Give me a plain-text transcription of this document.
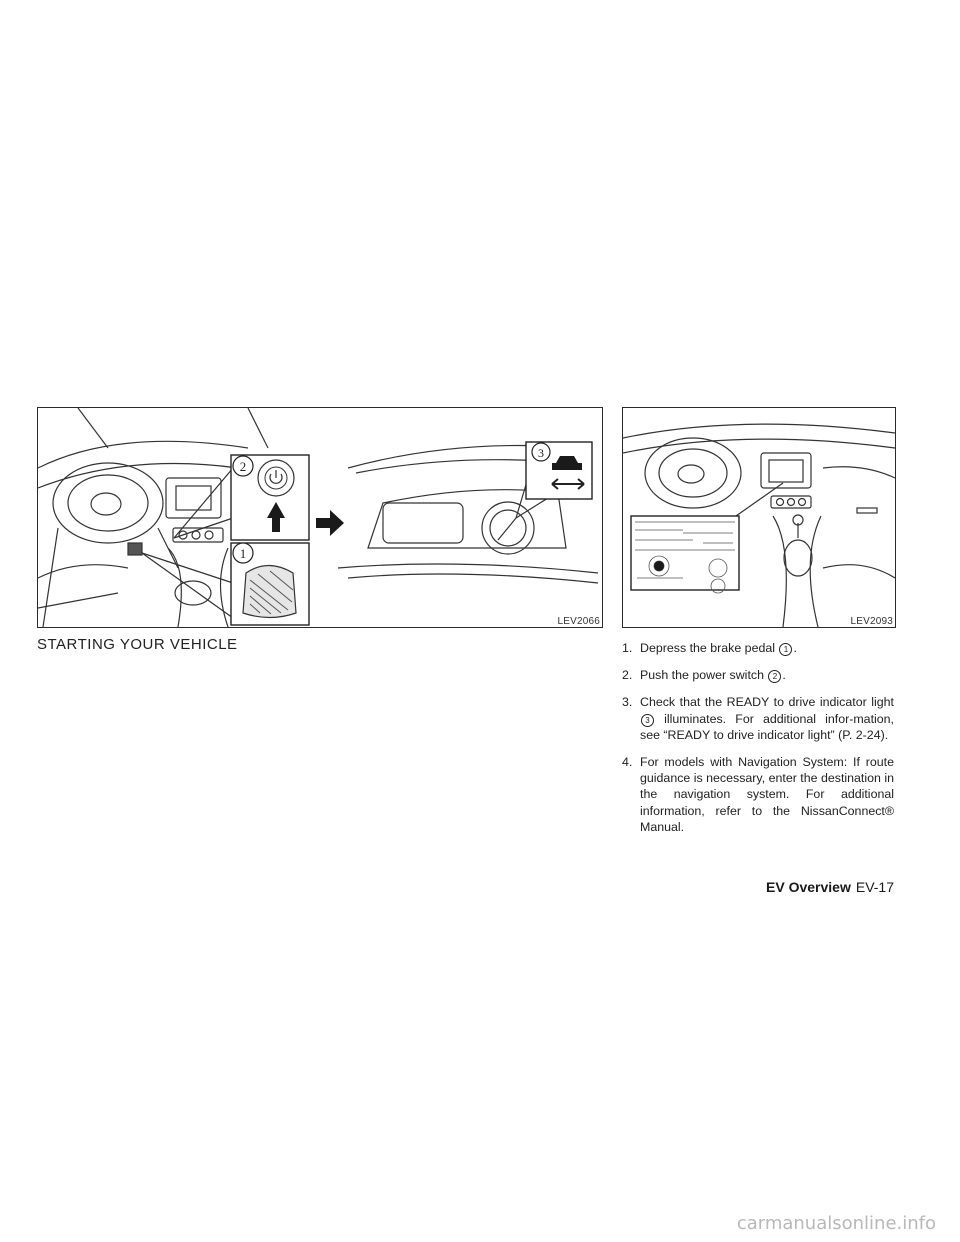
2
1
3
LEV2066	LEV2093
STARTING YOUR VEHICLE	1. Depress the brake pedal 1 .
2. Push the power switch 2 .
3. Check that the READY to drive indicator light 3 illuminates. For additional infor-mation, see “READY to drive indicator light” (P. 2-24).
4. For models with Navigation System: If route guidance is necessary, enter the destination in the navigation system. For additional information, refer to the NissanConnect® Manual.
EV Overview EV-17
carmanualsonline.info
